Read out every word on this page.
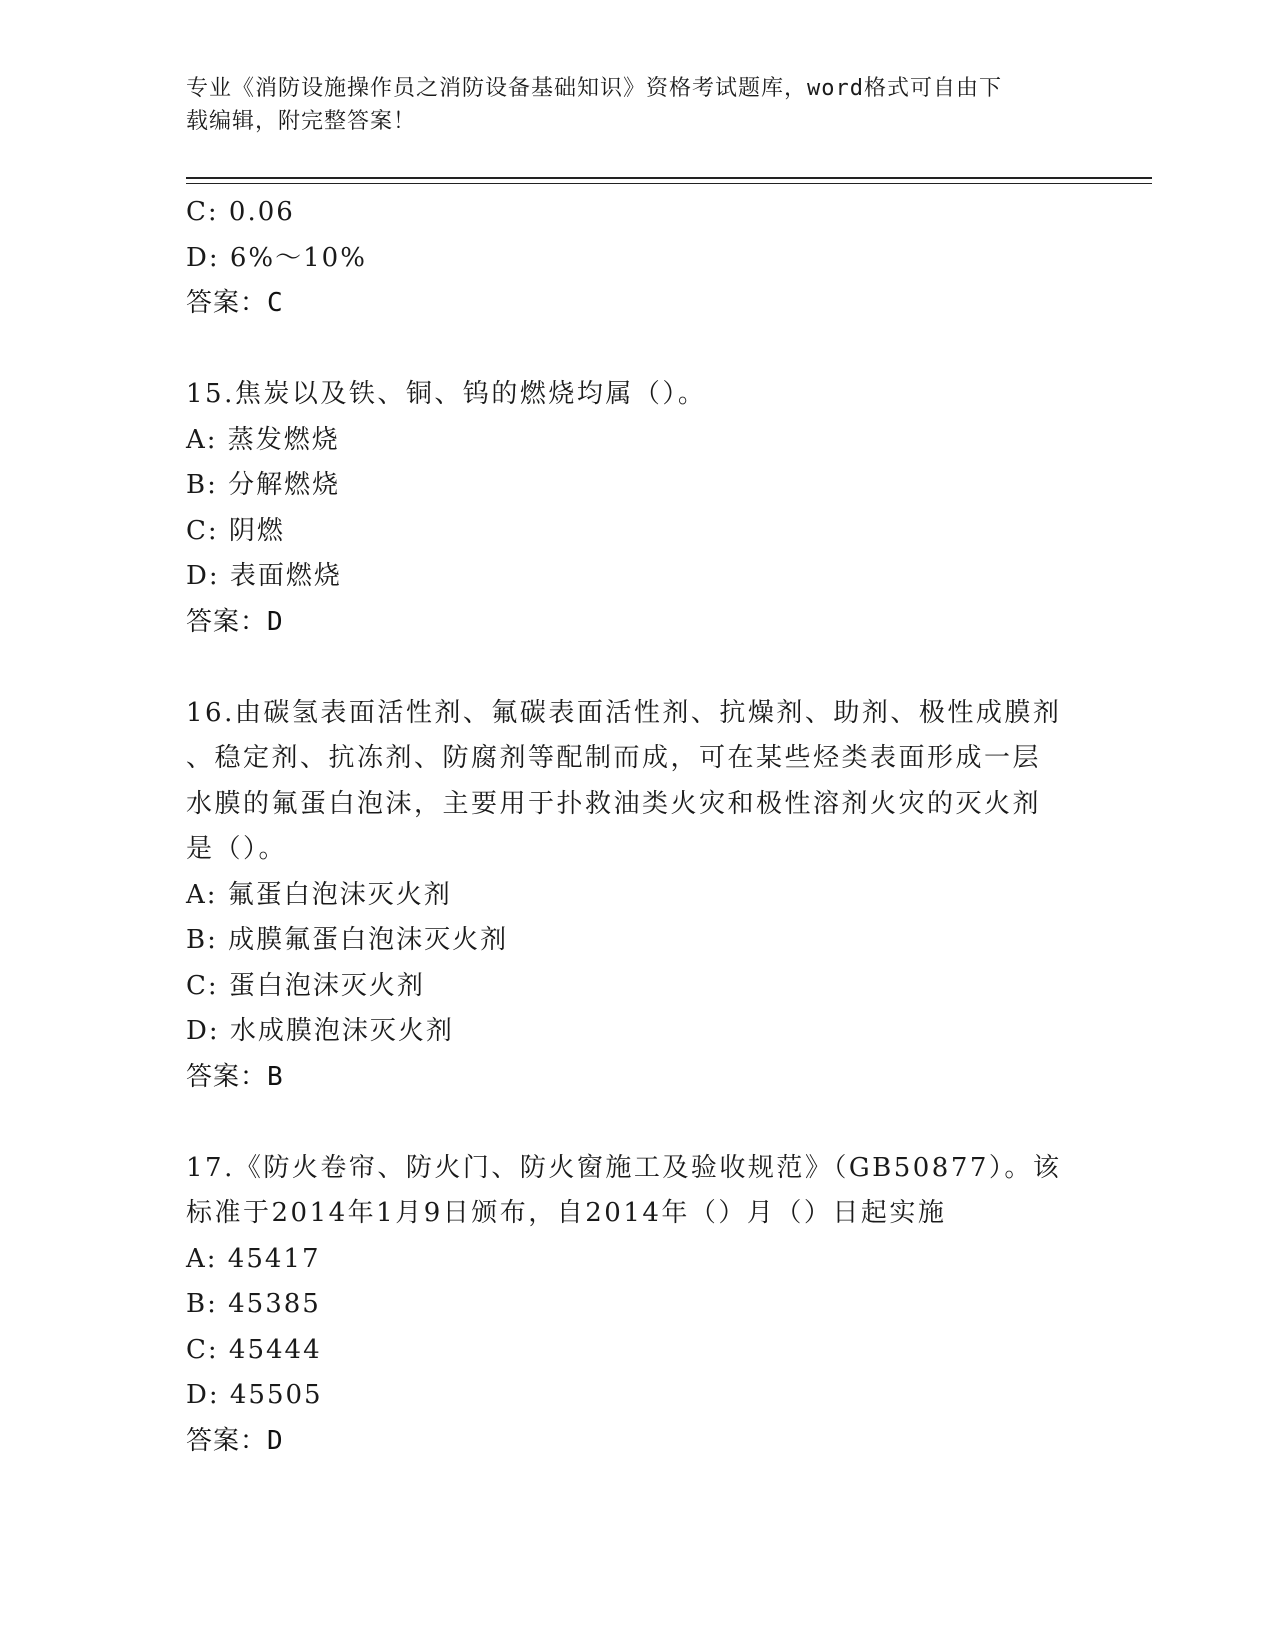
专业《消防设施操作员之消防设备基础知识》资格考试题库，word格式可自由下
载编辑，附完整答案！
C: 0.06
D: 6%～10%
答案：C
15.焦炭以及铁、铜、钨的燃烧均属（）。
A: 蒸发燃烧
B: 分解燃烧
C: 阴燃
D: 表面燃烧
答案：D
16.由碳氢表面活性剂、氟碳表面活性剂、抗燥剂、助剂、极性成膜剂
、稳定剂、抗冻剂、防腐剂等配制而成，可在某些烃类表面形成一层
水膜的氟蛋白泡沫，主要用于扑救油类火灾和极性溶剂火灾的灭火剂
是（）。
A: 氟蛋白泡沫灭火剂
B: 成膜氟蛋白泡沫灭火剂
C: 蛋白泡沫灭火剂
D: 水成膜泡沫灭火剂
答案：B
17.《防火卷帘、防火门、防火窗施工及验收规范》（GB50877）。该
标准于2014年1月9日颁布，自2014年（）月（）日起实施
A: 45417
B: 45385
C: 45444
D: 45505
答案：D
